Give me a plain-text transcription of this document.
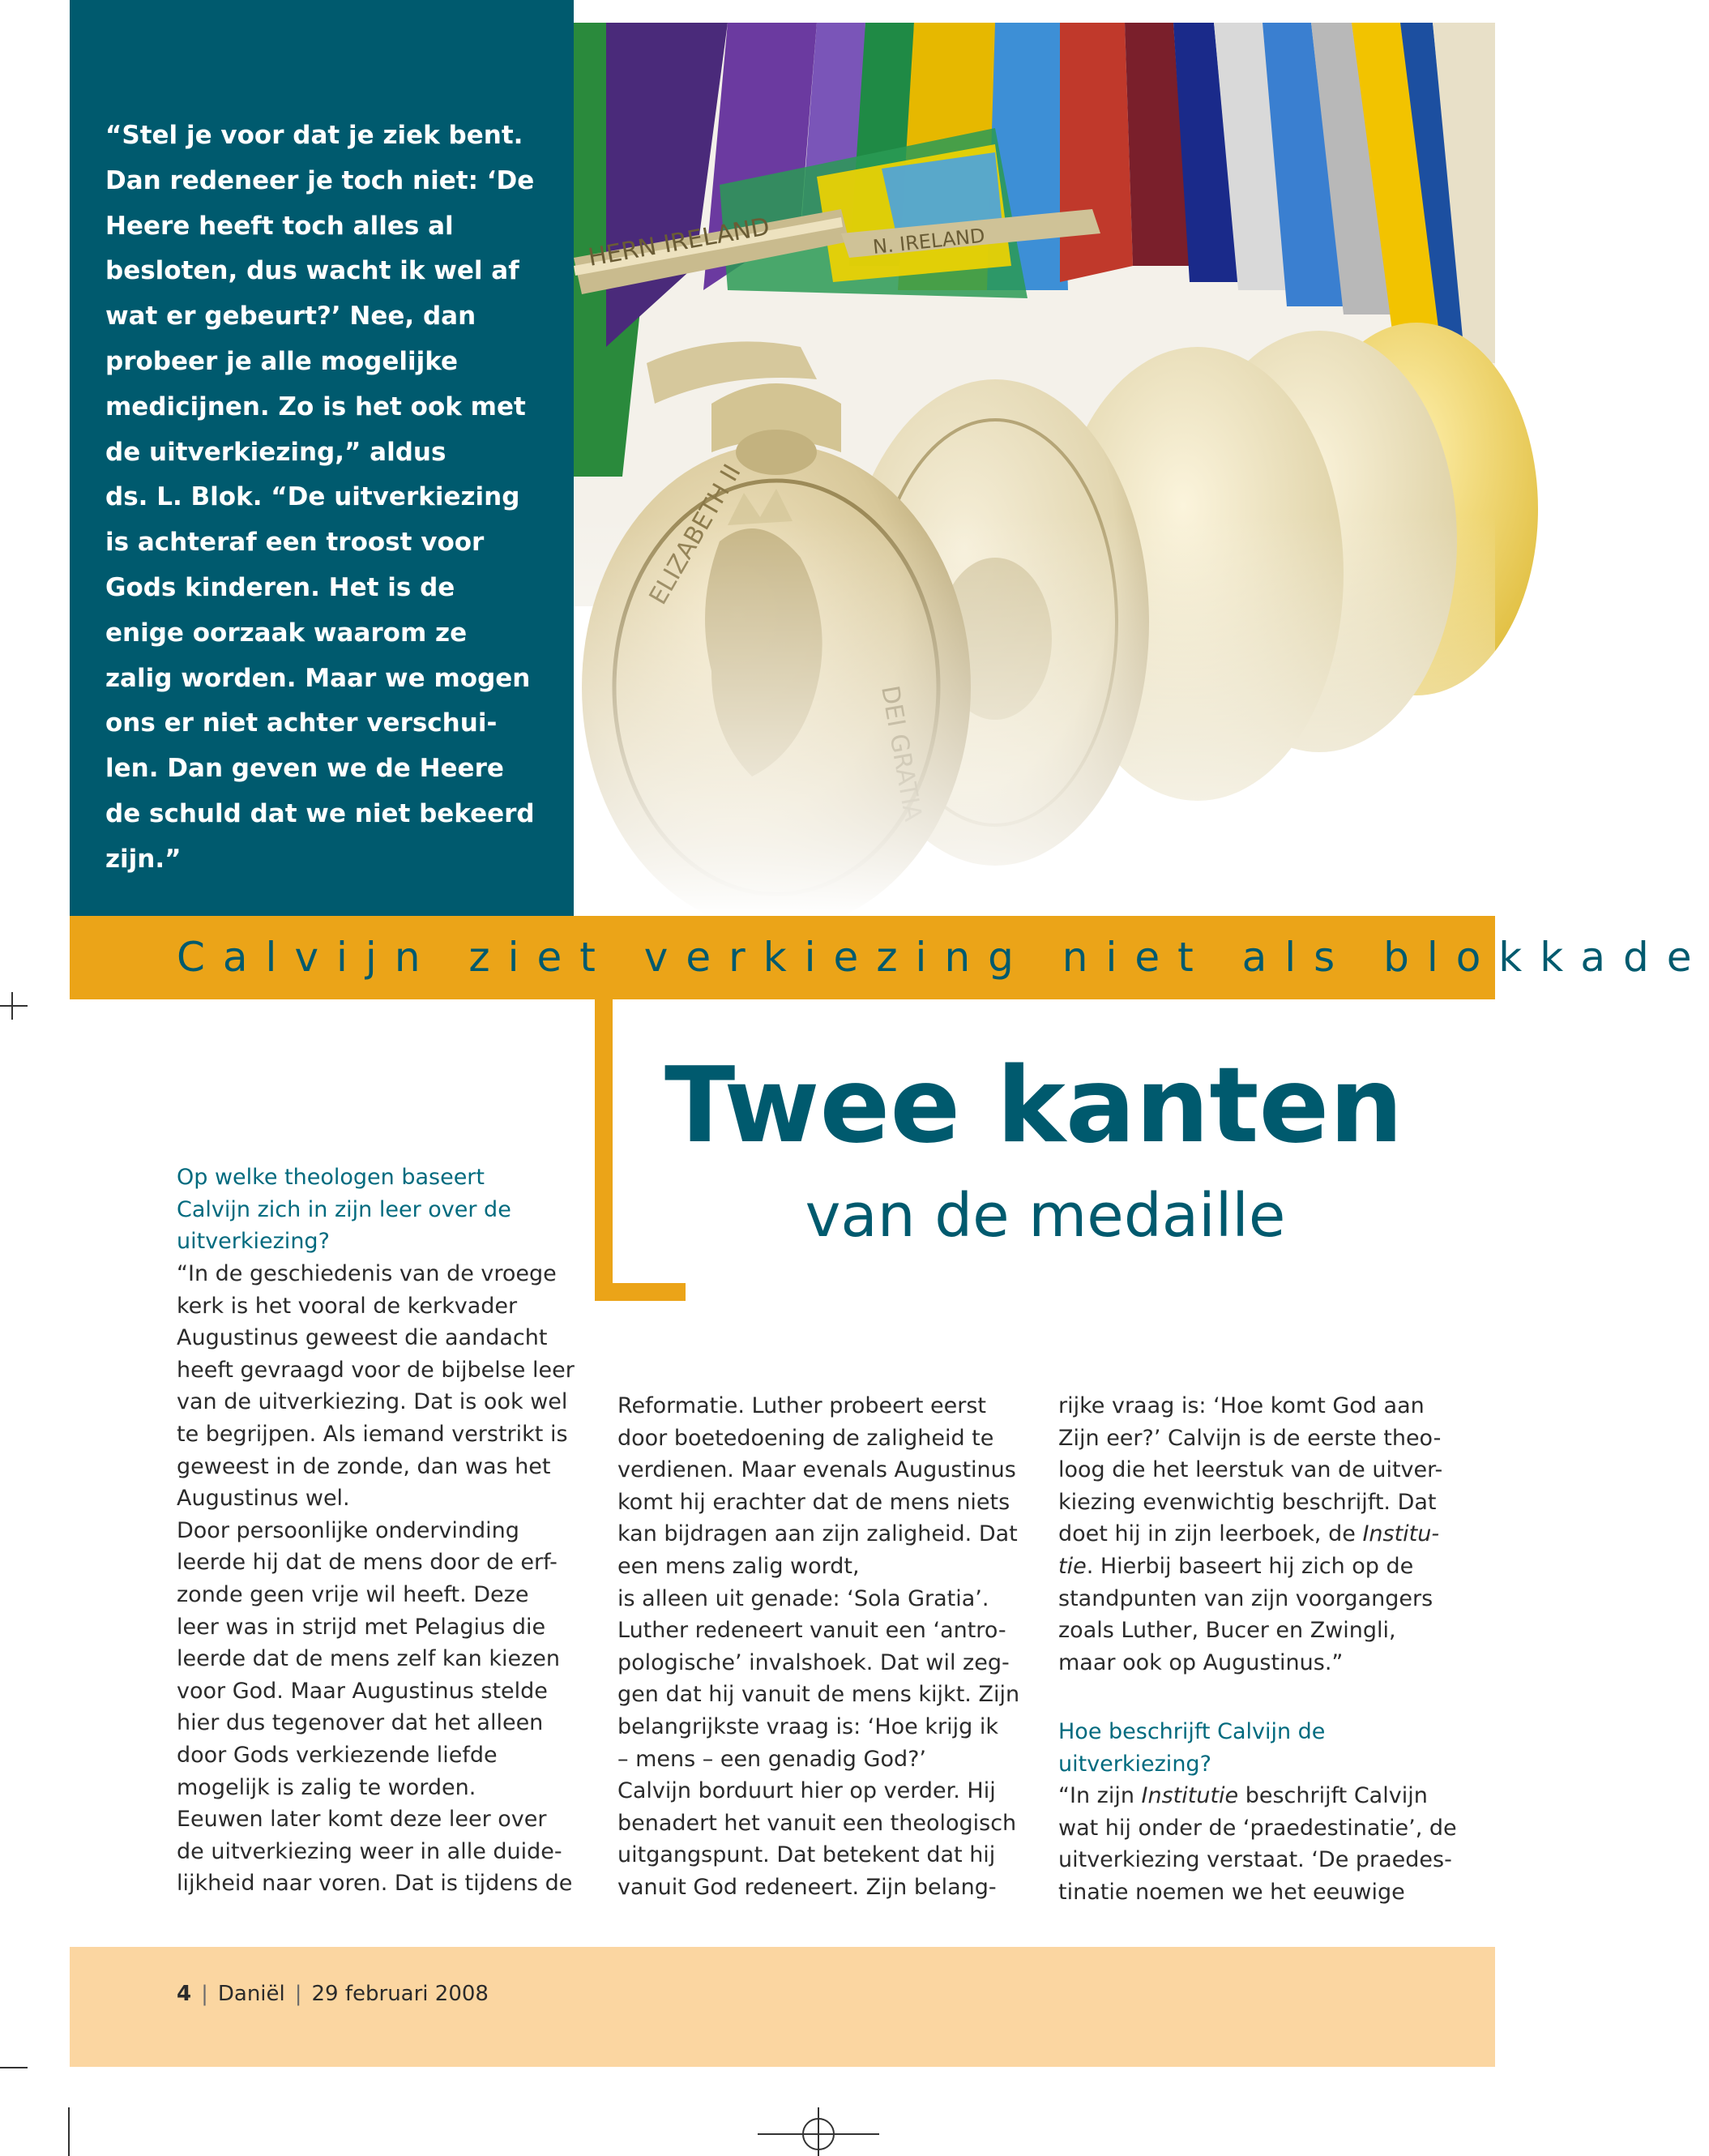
“Stel je voor dat je ziek bent.
Dan redeneer je toch niet: ‘De
Heere heeft toch alles al
besloten, dus wacht ik wel af
wat er gebeurt?’ Nee, dan
probeer je alle mogelijke
medicijnen. Zo is het ook met
de uitverkiezing,” aldus
ds. L. Blok. “De uitverkiezing
is achteraf een troost voor
Gods kinderen. Het is de
enige oorzaak waarom ze
zalig worden. Maar we mogen
ons er niet achter verschui-
len. Dan geven we de Heere
de schuld dat we niet bekeerd
zijn.”
Calvijn ziet verkiezing niet als blokkade
Twee kanten
van de medaille

Op welke theologen baseert
Calvijn zich in zijn leer over de
uitverkiezing?

“In de geschiedenis van de vroege
kerk is het vooral de kerkvader
Augustinus geweest die aandacht
heeft gevraagd voor de bijbelse leer
van de uitverkiezing. Dat is ook wel
te begrijpen. Als iemand verstrikt is
geweest in de zonde, dan was het
Augustinus wel.
Door persoonlijke ondervinding
leerde hij dat de mens door de erf-
zonde geen vrije wil heeft. Deze
leer was in strijd met Pelagius die
leerde dat de mens zelf kan kiezen
voor God. Maar Augustinus stelde
hier dus tegenover dat het alleen
door Gods verkiezende liefde
mogelijk is zalig te worden.
Eeuwen later komt deze leer over
de uitverkiezing weer in alle duide-
lijkheid naar voren. Dat is tijdens de

Reformatie. Luther probeert eerst
door boetedoening de zaligheid te
verdienen. Maar evenals Augustinus
komt hij erachter dat de mens niets
kan bijdragen aan zijn zaligheid. Dat
een mens zalig wordt,
is alleen uit genade: ‘Sola Gratia’.
Luther redeneert vanuit een ‘antro-
pologische’ invalshoek. Dat wil zeg-
gen dat hij vanuit de mens kijkt. Zijn
belangrijkste vraag is: ‘Hoe krijg ik
– mens – een genadig God?’
Calvijn borduurt hier op verder. Hij
benadert het vanuit een theologisch
uitgangspunt. Dat betekent dat hij
vanuit God redeneert. Zijn belang-

rijke vraag is: ‘Hoe komt God aan
Zijn eer?’ Calvijn is de eerste theo-
loog die het leerstuk van de uitver-
kiezing evenwichtig beschrijft. Dat
doet hij in zijn leerboek, de Institu-
tie. Hierbij baseert hij zich op de
standpunten van zijn voorgangers
zoals Luther, Bucer en Zwingli,
maar ook op Augustinus.”

Hoe beschrijft Calvijn de
uitverkiezing?

“In zijn Institutie beschrijft Calvijn
wat hij onder de ‘praedestinatie’, de
uitverkiezing verstaat. ‘De praedes-
tinatie noemen we het eeuwige

4 | Daniël | 29 februari 2008
